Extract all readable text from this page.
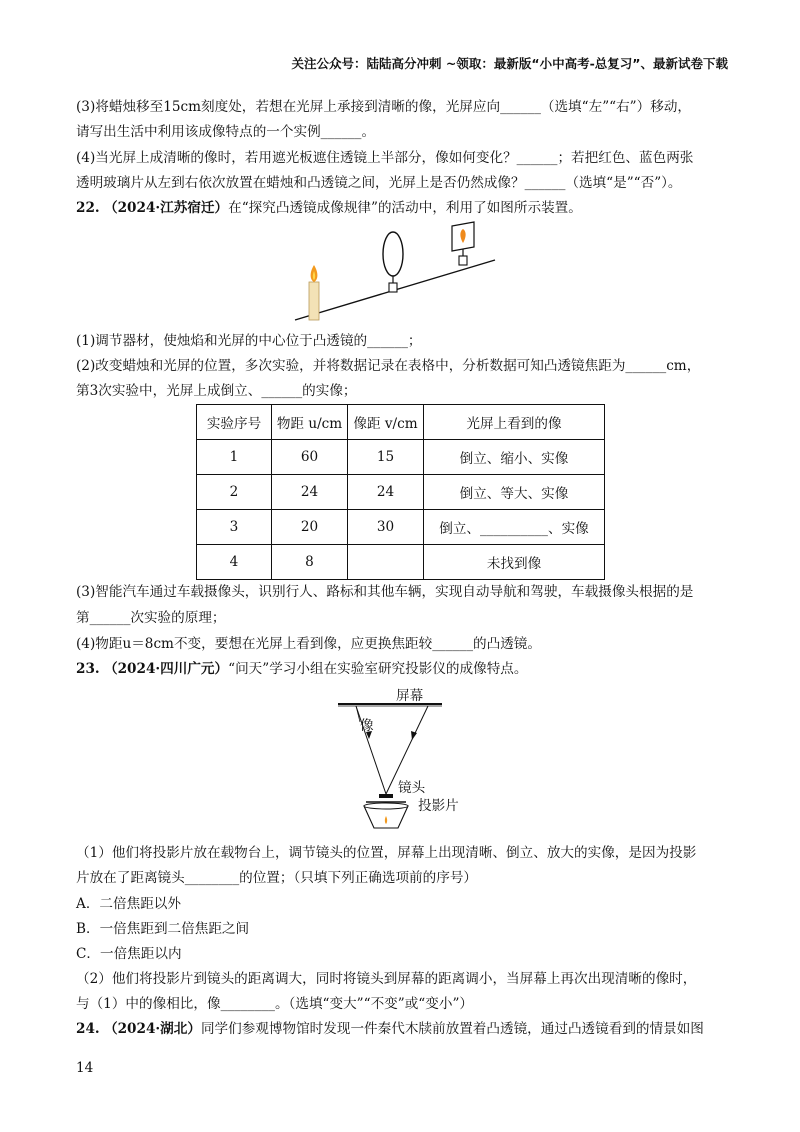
关注公众号：陆陆高分冲刺 ~领取：最新版“小中高考-总复习”、最新试卷下载
(3)将蜡烛移至15cm刻度处，若想在光屏上承接到清晰的像，光屏应向______（选填“左”“右”）移动，
请写出生活中利用该成像特点的一个实例______。
(4)当光屏上成清晰的像时，若用遮光板遮住透镜上半部分，像如何变化？______；若把红色、蓝色两张
透明玻璃片从左到右依次放置在蜡烛和凸透镜之间，光屏上是否仍然成像？______（选填“是”“否”）。
22. （2024·江苏宿迁）在“探究凸透镜成像规律”的活动中，利用了如图所示装置。
(1)调节器材，使烛焰和光屏的中心位于凸透镜的______；
(2)改变蜡烛和光屏的位置，多次实验，并将数据记录在表格中，分析数据可知凸透镜焦距为______cm，
第3次实验中，光屏上成倒立、______的实像；
实验序号	物距 u/cm	像距 v/cm	光屏上看到的像
1	60	15	倒立、缩小、实像
2	24	24	倒立、等大、实像
3	20	30	倒立、__________、实像
4	8		未找到像
(3)智能汽车通过车载摄像头，识别行人、路标和其他车辆，实现自动导航和驾驶，车载摄像头根据的是
第______次实验的原理；
(4)物距u＝8cm不变，要想在光屏上看到像，应更换焦距较______的凸透镜。
23. （2024·四川广元）“问天”学习小组在实验室研究投影仪的成像特点。
屏幕
像
镜头
投影片
（1）他们将投影片放在载物台上，调节镜头的位置，屏幕上出现清晰、倒立、放大的实像，是因为投影
片放在了距离镜头________的位置；（只填下列正确选项前的序号）
A．二倍焦距以外
B．一倍焦距到二倍焦距之间
C．一倍焦距以内
（2）他们将投影片到镜头的距离调大，同时将镜头到屏幕的距离调小，当屏幕上再次出现清晰的像时，
与（1）中的像相比，像________。（选填“变大”“不变”或“变小”）
24. （2024·湖北）同学们参观博物馆时发现一件秦代木牍前放置着凸透镜，通过凸透镜看到的情景如图
14
